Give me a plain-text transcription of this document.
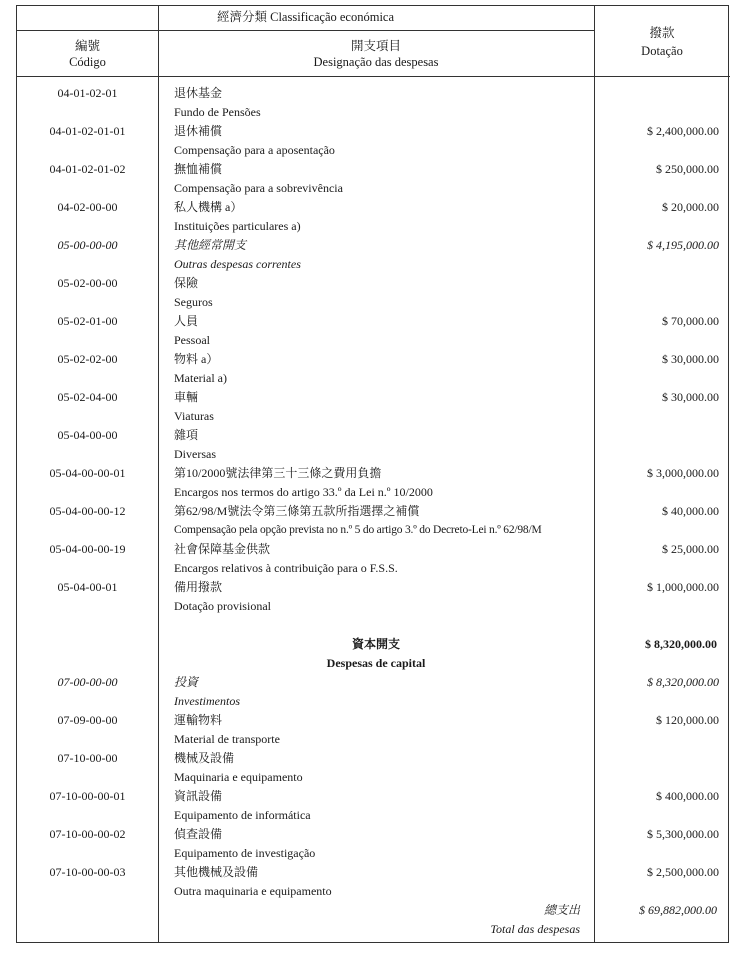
經濟分類 Classificação económica
編號
Código
開支項目
Designação das despesas
撥款
Dotação
04-01-02-01	退休基金
Fundo de Pensões
04-01-02-01-01	退休補償
Compensação para a aposentação
$ 2,400,000.00
04-01-02-01-02	撫恤補償
Compensação para a sobrevivência
$ 250,000.00
04-02-00-00	私人機構 a）
Instituições particulares a)
$ 20,000.00
05-00-00-00	其他經常開支
Outras despesas correntes
$ 4,195,000.00
05-02-00-00	保險
Seguros
05-02-01-00	人員
Pessoal
$ 70,000.00
05-02-02-00	物料 a）
Material a)
$ 30,000.00
05-02-04-00	車輛
Viaturas
$ 30,000.00
05-04-00-00	雜項
Diversas
05-04-00-00-01	第10/2000號法律第三十三條之費用負擔
Encargos nos termos do artigo 33.º da Lei n.º 10/2000
$ 3,000,000.00
05-04-00-00-12	第62/98/M號法令第三條第五款所指選擇之補償
Compensação pela opção prevista no n.º 5 do artigo 3.º do Decreto-Lei n.º 62/98/M
$ 40,000.00
05-04-00-00-19	社會保障基金供款
Encargos relativos à contribuição para o F.S.S.
$ 25,000.00
05-04-00-01	備用撥款
Dotação provisional
$ 1,000,000.00
資本開支
Despesas de capital
$ 8,320,000.00
07-00-00-00	投資
Investimentos
$ 8,320,000.00
07-09-00-00	運輸物料
Material de transporte
$ 120,000.00
07-10-00-00	機械及設備
Maquinaria e equipamento
07-10-00-00-01	資訊設備
Equipamento de informática
$ 400,000.00
07-10-00-00-02	偵查設備
Equipamento de investigação
$ 5,300,000.00
07-10-00-00-03	其他機械及設備
Outra maquinaria e equipamento
$ 2,500,000.00
總支出
Total das despesas
$ 69,882,000.00
